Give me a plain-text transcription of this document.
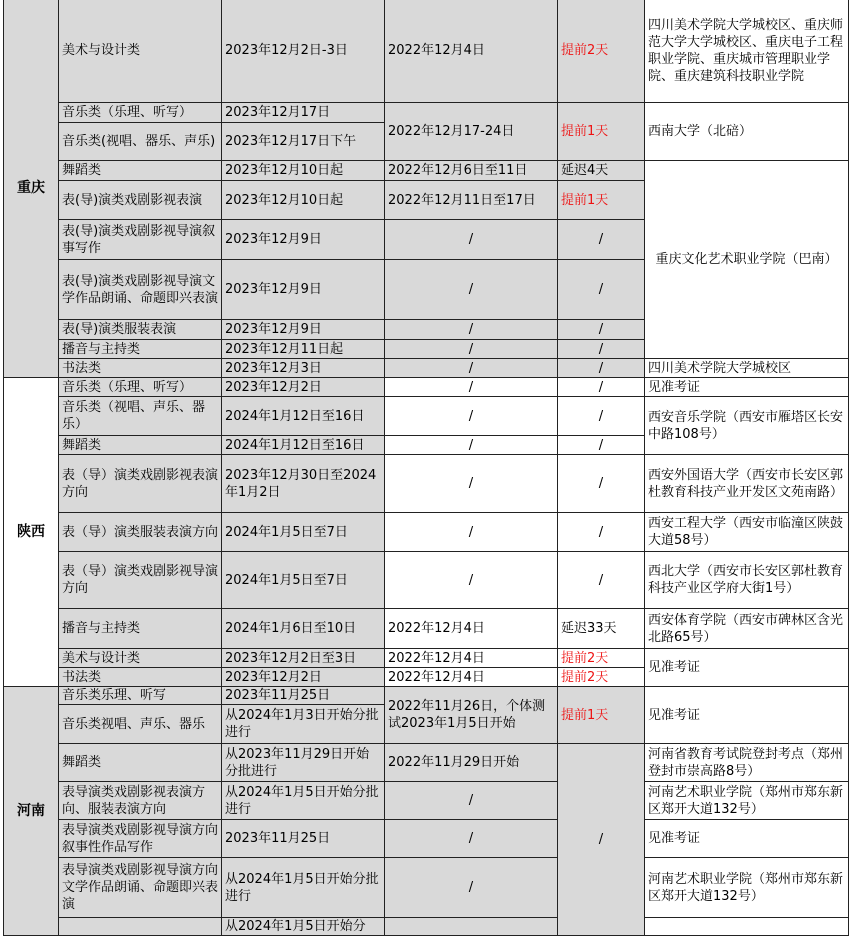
重庆	美术与设计类	2023年12月2日-3日	2022年12月4日	提前2天	四川美术学院大学城校区、重庆师范大学大学城校区、重庆电子工程职业学院、重庆城市管理职业学院、重庆建筑科技职业学院
	音乐类（乐理、听写）	2023年12月17日	2022年12月17-24日	提前1天	西南大学（北碚）
	音乐类(视唱、器乐、声乐)	2023年12月17日下午			
	舞蹈类	2023年12月10日起	2022年12月6日至11日	延迟4天	重庆文化艺术职业学院（巴南）
	表(导)演类戏剧影视表演	2023年12月10日起	2022年12月11日至17日	提前1天	
	表(导)演类戏剧影视导演叙事写作	2023年12月9日	/	/	
	表(导)演类戏剧影视导演文学作品朗诵、命题即兴表演	2023年12月9日	/	/	
	表(导)演类服装表演	2023年12月9日	/	/	
	播音与主持类	2023年12月11日起	/	/	

	书法类	2023年12月3日	/	/	四川美术学院大学城校区
陕西	音乐类（乐理、听写）	2023年12月2日	/	/	见准考证
	音乐类（视唱、声乐、器乐）	2024年1月12日至16日	/	/	西安音乐学院（西安市雁塔区长安中路108号）
	舞蹈类	2024年1月12日至16日	/	/	
	表（导）演类戏剧影视表演方向	2023年12月30日至2024年1月2日	/	/	西安外国语大学（西安市长安区郭杜教育科技产业开发区文苑南路）
	表（导）演类服装表演方向	2024年1月5日至7日	/	/	西安工程大学（西安市临潼区陕鼓大道58号）
	表（导）演类戏剧影视导演方向	2024年1月5日至7日	/	/	西北大学（西安市长安区郭杜教育科技产业区学府大街1号）
	播音与主持类	2024年1月6日至10日	2022年12月4日	延迟33天	西安体育学院（西安市碑林区含光北路65号）
	美术与设计类	2023年12月2日至3日	2022年12月4日	提前2天	见准考证
	书法类	2023年12月2日	2022年12月4日	提前2天	
河南	音乐类乐理、听写	2023年11月25日	2022年11月26日，个体测试2023年1月5日开始	提前1天	见准考证
	音乐类视唱、声乐、器乐	从2024年1月3日开始分批进行			
	舞蹈类	从2023年11月29日开始分批进行	2022年11月29日开始	/	河南省教育考试院登封考点（郑州登封市崇高路8号）
	表导演类戏剧影视表演方向、服装表演方向	从2024年1月5日开始分批进行	/		河南艺术职业学院（郑州市郑东新区郑开大道132号）
	表导演类戏剧影视导演方向叙事性作品写作	2023年11月25日	/		见准考证
	表导演类戏剧影视导演方向文学作品朗诵、命题即兴表演	从2024年1月5日开始分批进行	/		河南艺术职业学院（郑州市郑东新区郑开大道132号）
		从2024年1月5日开始分			
